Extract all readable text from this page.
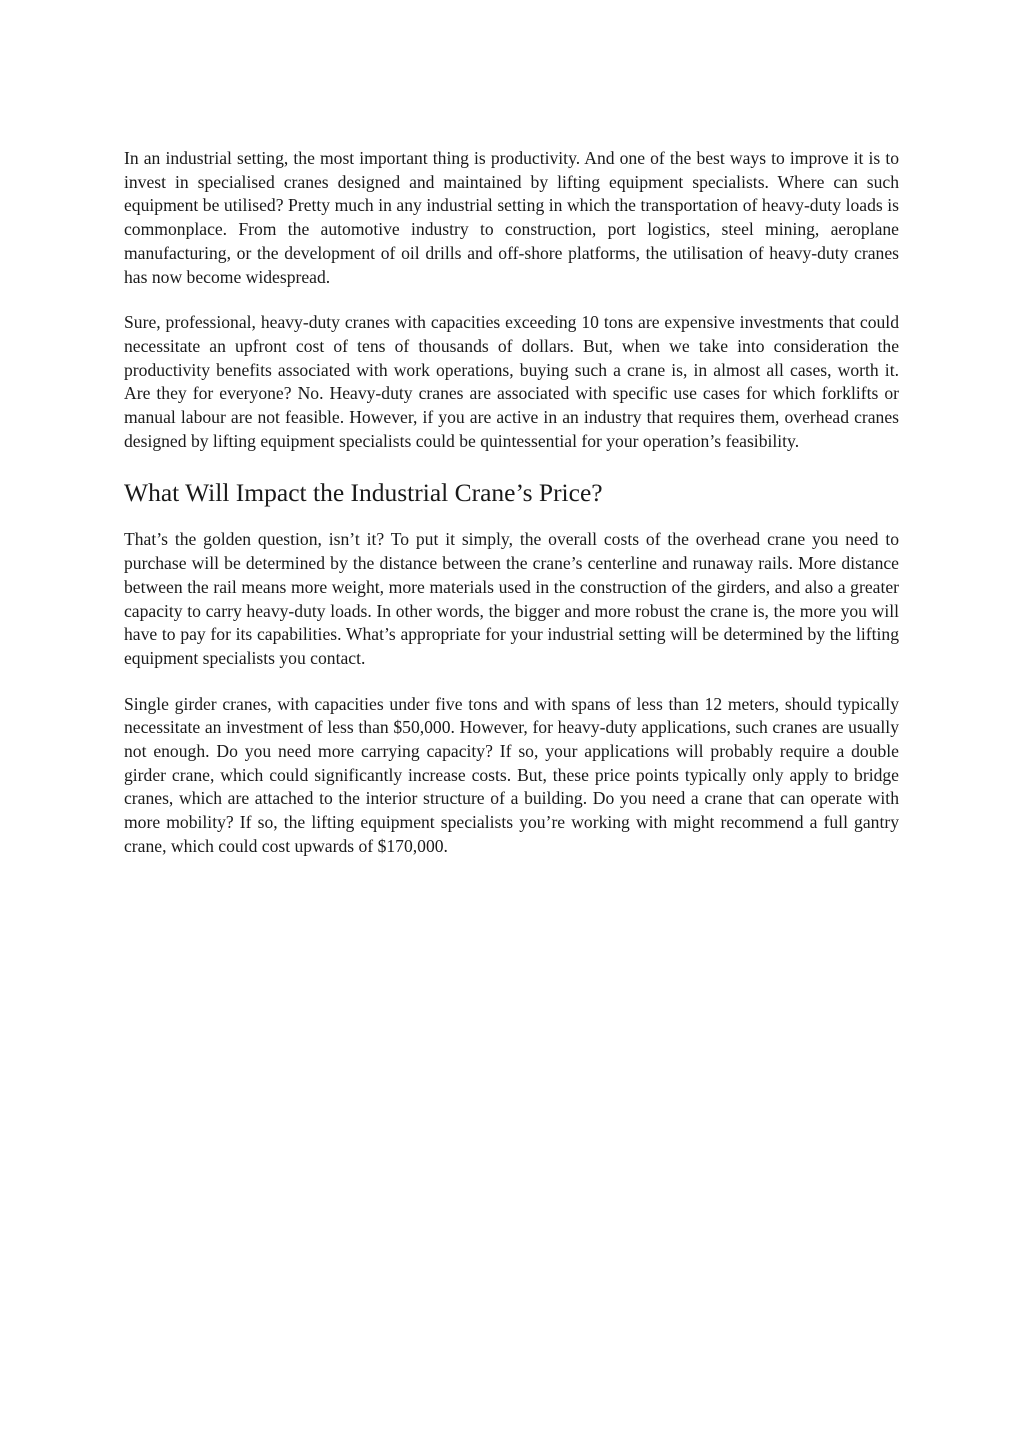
In an industrial setting, the most important thing is productivity. And one of the best ways to improve it is to invest in specialised cranes designed and maintained by lifting equipment specialists. Where can such equipment be utilised? Pretty much in any industrial setting in which the transportation of heavy-duty loads is commonplace. From the automotive industry to construction, port logistics, steel mining, aeroplane manufacturing, or the development of oil drills and off-shore platforms, the utilisation of heavy-duty cranes has now become widespread.

Sure, professional, heavy-duty cranes with capacities exceeding 10 tons are expensive investments that could necessitate an upfront cost of tens of thousands of dollars. But, when we take into consideration the productivity benefits associated with work operations, buying such a crane is, in almost all cases, worth it. Are they for everyone? No. Heavy-duty cranes are associated with specific use cases for which forklifts or manual labour are not feasible. However, if you are active in an industry that requires them, overhead cranes designed by lifting equipment specialists could be quintessential for your operation’s feasibility.

What Will Impact the Industrial Crane’s Price?

That’s the golden question, isn’t it? To put it simply, the overall costs of the overhead crane you need to purchase will be determined by the distance between the crane’s centerline and runaway rails. More distance between the rail means more weight, more materials used in the construction of the girders, and also a greater capacity to carry heavy-duty loads. In other words, the bigger and more robust the crane is, the more you will have to pay for its capabilities. What’s appropriate for your industrial setting will be determined by the lifting equipment specialists you contact.

Single girder cranes, with capacities under five tons and with spans of less than 12 meters, should typically necessitate an investment of less than $50,000. However, for heavy-duty applications, such cranes are usually not enough. Do you need more carrying capacity? If so, your applications will probably require a double girder crane, which could significantly increase costs. But, these price points typically only apply to bridge cranes, which are attached to the interior structure of a building. Do you need a crane that can operate with more mobility? If so, the lifting equipment specialists you’re working with might recommend a full gantry crane, which could cost upwards of $170,000.
